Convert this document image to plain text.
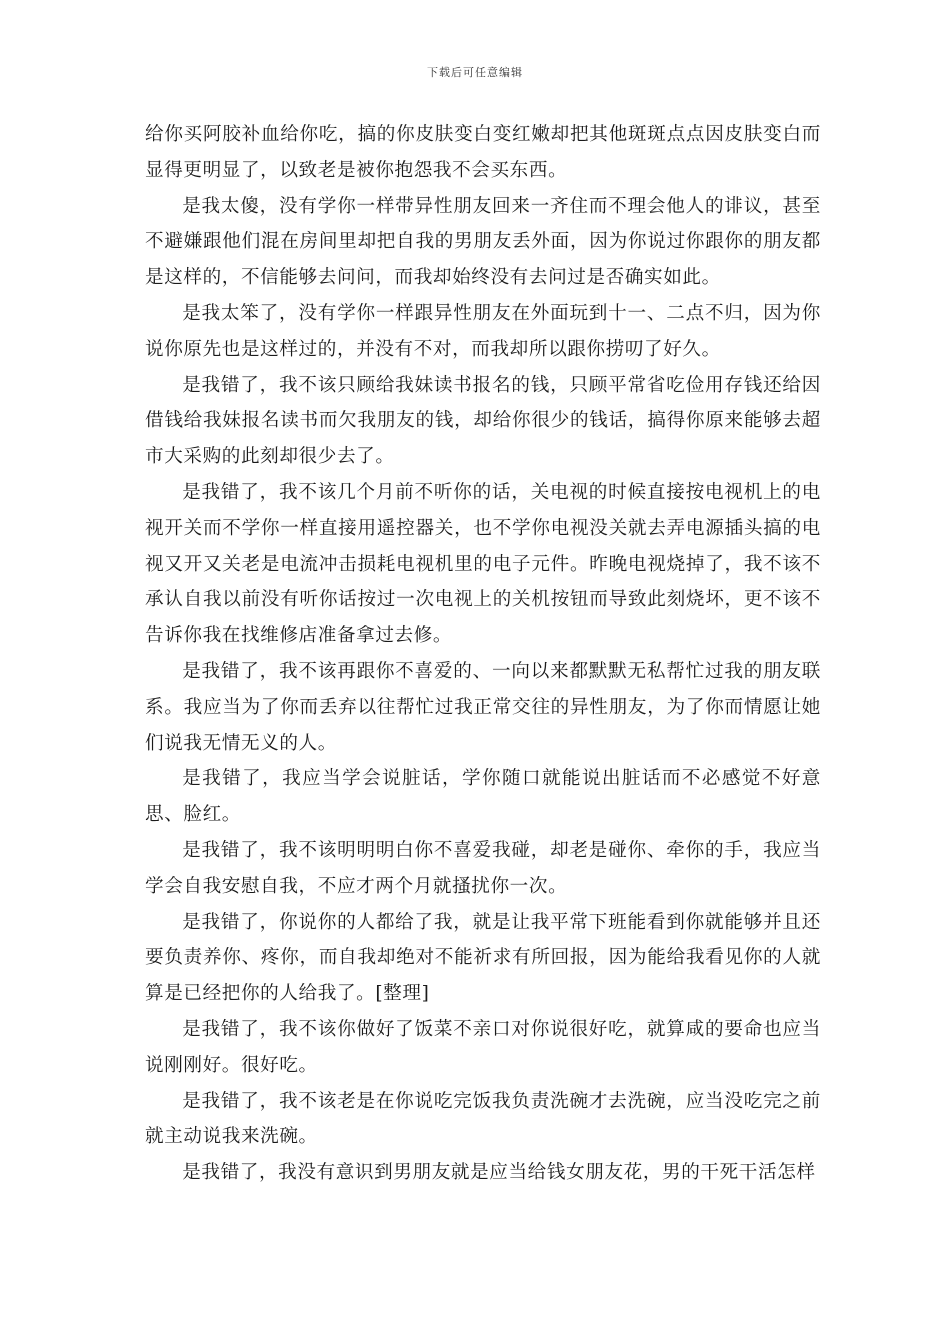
下载后可任意编辑

给你买阿胶补血给你吃，搞的你皮肤变白变红嫩却把其他斑斑点点因皮肤变白而显得更明显了，以致老是被你抱怨我不会买东西。

是我太傻，没有学你一样带异性朋友回来一齐住而不理会他人的诽议，甚至不避嫌跟他们混在房间里却把自我的男朋友丢外面，因为你说过你跟你的朋友都是这样的，不信能够去问问，而我却始终没有去问过是否确实如此。

是我太笨了，没有学你一样跟异性朋友在外面玩到十一、二点不归，因为你说你原先也是这样过的，并没有不对，而我却所以跟你捞叨了好久。

是我错了，我不该只顾给我妹读书报名的钱，只顾平常省吃俭用存钱还给因借钱给我妹报名读书而欠我朋友的钱，却给你很少的钱话，搞得你原来能够去超市大采购的此刻却很少去了。

是我错了，我不该几个月前不听你的话，关电视的时候直接按电视机上的电视开关而不学你一样直接用遥控器关，也不学你电视没关就去弄电源插头搞的电视又开又关老是电流冲击损耗电视机里的电子元件。昨晚电视烧掉了，我不该不承认自我以前没有听你话按过一次电视上的关机按钮而导致此刻烧坏，更不该不告诉你我在找维修店准备拿过去修。

是我错了，我不该再跟你不喜爱的、一向以来都默默无私帮忙过我的朋友联系。我应当为了你而丢弃以往帮忙过我正常交往的异性朋友，为了你而情愿让她们说我无情无义的人。

是我错了，我应当学会说脏话，学你随口就能说出脏话而不必感觉不好意思、脸红。

是我错了，我不该明明明白你不喜爱我碰，却老是碰你、牵你的手，我应当学会自我安慰自我，不应才两个月就搔扰你一次。

是我错了，你说你的人都给了我，就是让我平常下班能看到你就能够并且还要负责养你、疼你，而自我却绝对不能祈求有所回报，因为能给我看见你的人就算是已经把你的人给我了。[整理]

是我错了，我不该你做好了饭菜不亲口对你说很好吃，就算咸的要命也应当说刚刚好。很好吃。

是我错了，我不该老是在你说吃完饭我负责洗碗才去洗碗，应当没吃完之前就主动说我来洗碗。

是我错了，我没有意识到男朋友就是应当给钱女朋友花，男的干死干活怎样
